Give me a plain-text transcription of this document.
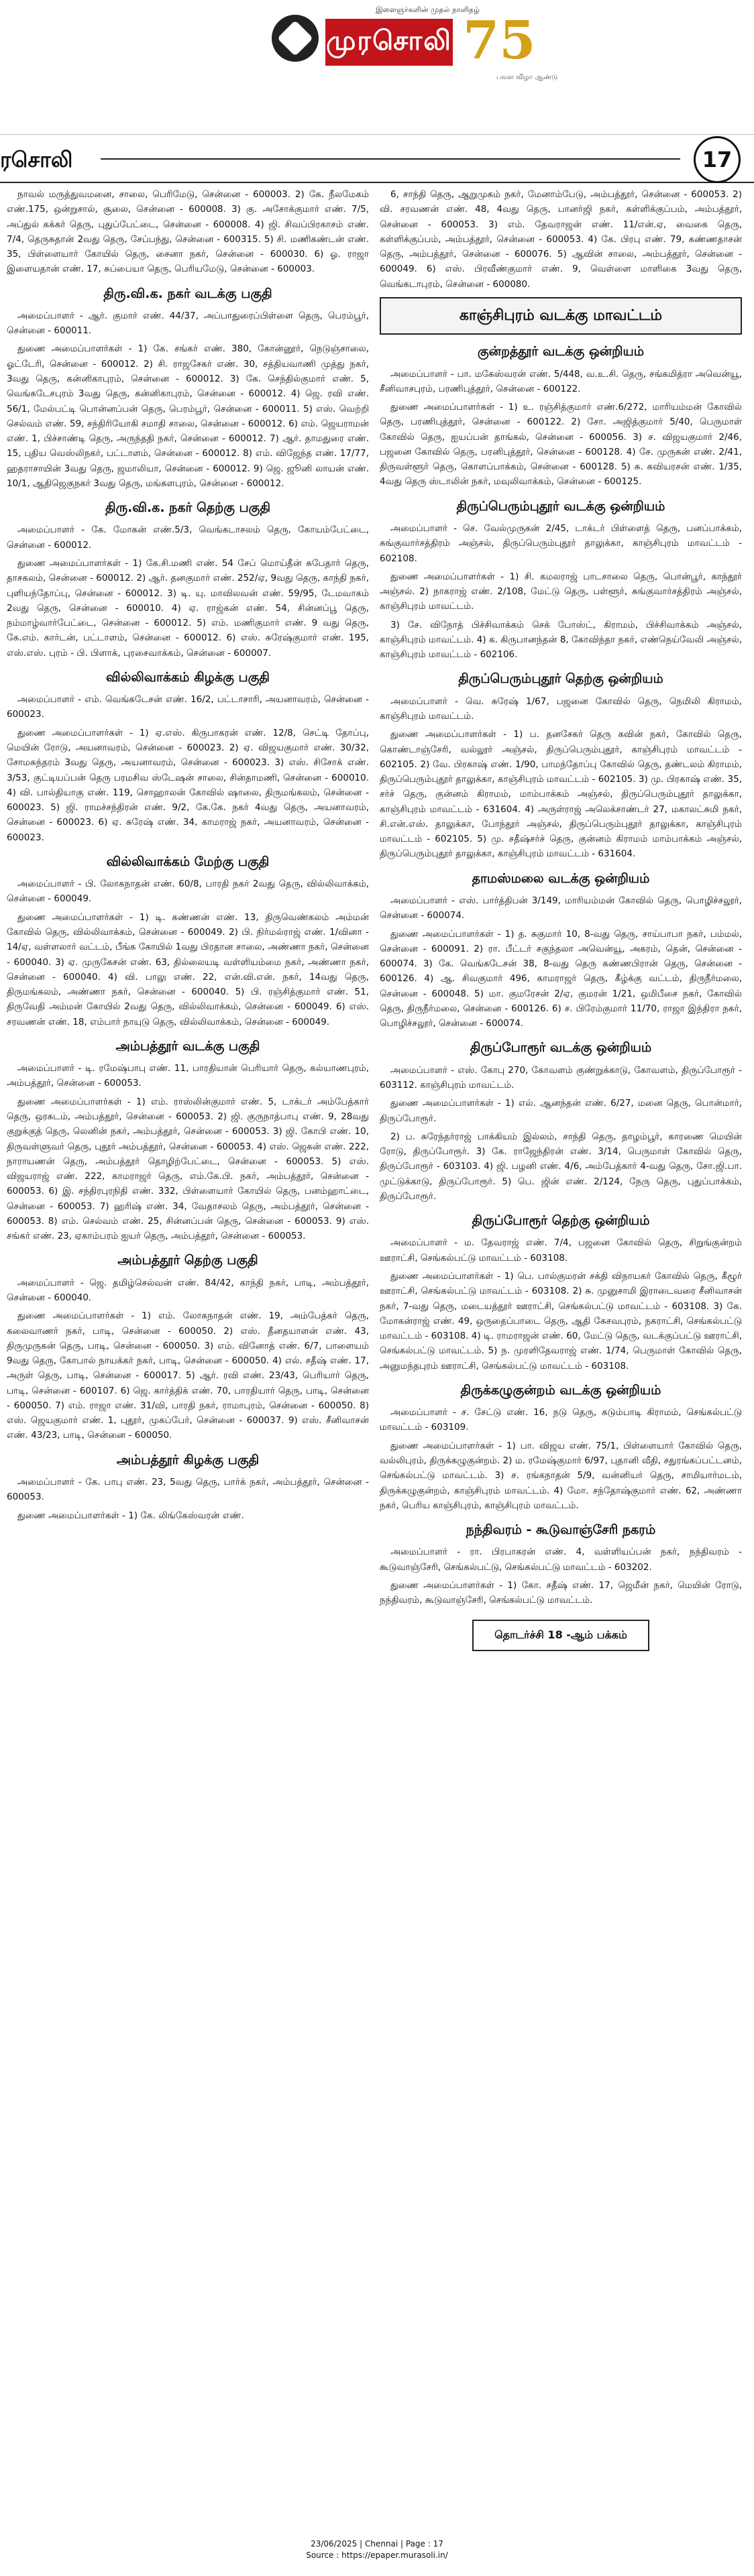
இளைஞர்களின் முதல் நாளிதழ்
முரசொலி 75
பவள விழா ஆண்டு
ரசொலி	17

நாவல் மருத்துவமனை, சாலை, பெரிமேடு, சென்னை - 600003. 2) கே. நீலமேகம் எண்.175, ஒன்றுசால், சூலை, சென்னை - 600008. 3) கு. அசோக்குமார் எண். 7/5, அப்துல் கக்கர் தெரு, புதுப்பேட்டை, சென்னை - 600008. 4) ஜி. சிவப்பிரகாசம் எண். 7/4, தெருசுதான் 2வது தெரு, சேப்பந்து, சென்னை - 600315. 5) சி. மணிகண்டன் எண். 35, பிள்ளையார் கோயில் தெரு, சைனா நகர், சென்னை - 600030. 6) ஓ. ராஜா இளையதான் எண். 17, சுப்பையா தெரு, பெரியமேடு, சென்னை - 600003.

திரு.வி.க. நகர் வடக்கு பகுதி

அமைப்பாளர் - ஆர். குமார் எண். 44/37, அப்பாதுரைப்பிள்ளை தெரு, பெரம்பூர், சென்னை - 600011.

துணை அமைப்பாளர்கள் - 1) கே. சங்கர் எண். 380, கோன்னூர், நெடுஞ்சாலை, ஓட்டேரி, சென்னை - 600012. 2) சி. ராஜசேகர் எண். 30, சத்தியவாணி முத்து நகர், 3வது தெரு, கன்னிகாபுரம், சென்னை - 600012. 3) கே. செந்தில்குமார் எண். 5, வெங்கடேசபுரம் 3வது தெரு, கன்னிகாபுரம், சென்னை - 600012. 4) ஜெ. ரவி எண். 56/1, மேல்பட்டி பொன்னப்பன் தெரு, பெரம்பூர், சென்னை - 600011. 5) எஸ். வெற்றி செல்வம் எண். 59, சந்திரியோகி சமாதி சாலை, சென்னை - 600012. 6) எம். ஜெயராமன் எண். 1, பிச்சாண்டி தெரு, அருந்ததி நகர், சென்னை - 600012. 7) ஆர். தாமதுரை எண். 15, புதிய வெஸ்லிநகர், பட்டாளம், சென்னை - 600012. 8) எம். விஜேந்த எண். 17/77, ஹதராசாயின் 3வது தெரு, ஜமாலியா, சென்னை - 600012. 9) ஜெ. ஜூனி லாயன் எண். 10/1, ஆதிஜெகுநகர் 3வது தெரு, மங்களபுரம், சென்னை - 600012.

திரு.வி.க. நகர் தெற்கு பகுதி

அமைப்பாளர் - கே. மோகன் எண்.5/3, வெங்கடாசலம் தெரு, கோயம்பேட்டை, சென்னை - 600012.

துணை அமைப்பாளர்கள் - 1) கே.சி.மணி எண். 54 சேப் மொய்தீன் சுபேதார் தெரு, தாசகலம், சென்னை - 600012. 2) ஆர். தனகுமார் எண். 252/ஏ, 9வது தெரு, காந்தி நகர், புளியந்தோப்பு, சென்னை - 600012. 3) டி. யு. மாவிலவன் எண். 59/95, டேமவாகம் 2வது தெரு, சென்னை - 600010. 4) ஏ. ராஜ்கன் எண். 54, சின்னப்பூ தெரு, நம்மாழ்வார்பேட்டை, சென்னை - 600012. 5) எம். மணிகுமார் எண். 9 வது தெரு, கே.எம். கார்டன், பட்டாளம், சென்னை - 600012. 6) எஸ். சுரேஷ்குமார் எண். 195, எஸ்.எஸ். புரம் - பி. பிளாக், புரசைவாக்கம், சென்னை - 600007.

வில்லிவாக்கம் கிழக்கு பகுதி

அமைப்பாளர் - எம். வெங்கடேசன் எண். 16/2, பட்டாசாரி, அயனாவரம், சென்னை - 600023.

துணை அமைப்பாளர்கள் - 1) ஏ.எஸ். கிருபாகரன் எண். 12/8, செட்டி தோப்பு, மெயின் ரோடு, அயனாவரம், சென்னை - 600023. 2) ஏ. விஜயகுமார் எண். 30/32, சோமசுந்தரம் 3வது தெரு, அயனாவரம், சென்னை - 600023. 3) எஸ். சிசோக் எண். 3/53, குட்டியப்பன் தெரு பரமசிவ ஸ்டேஷன் சாலை, சின்தாமணி, சென்னை - 600010. 4) வி. பால்தியாகு எண். 119, சொஹாலன் கோவில் ஷாலை, திருமங்கலம், சென்னை - 600023. 5) ஜி. ராமச்சந்திரன் எண். 9/2, கே.கே. நகர் 4வது தெரு, அயனாவரம், சென்னை - 600023. 6) ஏ. சுரேஷ் எண். 34, காமராஜ் நகர், அயனாவரம், சென்னை - 600023.

வில்லிவாக்கம் மேற்கு பகுதி

அமைப்பாளர் - பி. லோகநாதன் எண். 60/8, பாரதி நகர் 2வது தெரு, வில்லிவாக்கம், சென்னை - 600049.

துணை அமைப்பாளர்கள் - 1) டி. கண்ணன் எண். 13, திருவெண்கலம் அம்மன் கோவில் தெரு, வில்லிவாக்கம், சென்னை - 600049. 2) பி. நிர்மல்ராஜ் எண். 1/வினா - 14/ஏ, வள்ளலார் வட்டம், பீங்க கோயில் 1வது பிரதான சாலை, அண்ணா நகர், சென்னை - 600040. 3) ஏ. முருகேசன் எண். 63, தில்லையடி வள்ளியம்மை நகர், அண்ணா நகர், சென்னை - 600040. 4) வி. பாலு எண். 22, என்.வி.என். நகர், 14வது தெரு, திருமங்கலம், அண்ணா நகர், சென்னை - 600040. 5) பி. ரஞ்சித்குமார் எண். 51, திருவேதி அம்மன் கோயில் 2வது தெரு, வில்லிவாக்கம், சென்னை - 600049. 6) எஸ். சரவணன் எண். 18, எம்பார் நாயுடு தெரு, வில்லிவாக்கம், சென்னை - 600049.

அம்பத்தூர் வடக்கு பகுதி

அமைப்பாளர் - டி. ரமேஷ்பாபு எண். 11, பாரதியான் பெரியார் தெரு, கல்யாணபுரம், அம்பத்தூர், சென்னை - 600053.

துணை அமைப்பாளர்கள் - 1) எம். ராஸ்லின்குமார் எண். 5, டாக்டர் அம்பேத்கார் தெரு, ஒரகடம், அம்பத்தூர், சென்னை - 600053. 2) ஜி. குருநாத்பாபு எண். 9, 28வது குறுக்குத் தெரு, லெனின் நகர், அம்பத்தூர், சென்னை - 600053. 3) ஜி. கோபி எண். 10, திருவள்ளுவர் தெரு, புதூர் அம்பத்தூர், சென்னை - 600053. 4) எஸ். ஜெகன் எண். 222, நாராயணன் தெரு, அம்பத்தூர் தொழிற்பேட்டை, சென்னை - 600053. 5) எஸ். விஜயராஜ் எண். 222, காமராஜர் தெரு, எம்.கே.பி. நகர், அம்பத்தூர், சென்னை - 600053. 6) இ. சந்திரபுரநிதி எண். 332, பிள்ளையார் கோயில் தெரு, பனம்ஹாட்டை, சென்னை - 600053. 7) ஹரிஷ் எண். 34, வேதாசலம் தெரு, அம்பத்தூர், சென்னை - 600053. 8) எம். செல்வம் எண். 25, சின்னப்பன் தெரு, சென்னை - 600053. 9) எஸ். சங்கர் எண். 23, ஏகாம்பரம் ஐயர் தெரு, அம்பத்தூர், சென்னை - 600053.

அம்பத்தூர் தெற்கு பகுதி

அமைப்பாளர் - ஜெ. தமிழ்செல்வன் எண். 84/42, காந்தி நகர், பாடி, அம்பத்தூர், சென்னை - 600040.

துணை அமைப்பாளர்கள் - 1) எம். லோகநாதன் எண். 19, அம்பேத்கர் தெரு, கலைவாணர் நகர், பாடி, சென்னை - 600050. 2) எஸ். தீனதயாளன் எண். 43, திருமுருகன் தெரு, பாடி, சென்னை - 600050. 3) எம். வினோத் எண். 6/7, பாளையம் 9வது தெரு, கோபால் நாயக்கர் நகர், பாடி, சென்னை - 600050. 4) எல். சதீஷ் எண். 17, அருள் தெரு, பாடி, சென்னை - 600017. 5) ஆர். ரவி எண். 23/43, பெரியார் தெரு, பாடி, சென்னை - 600107. 6) ஜெ. கார்த்திக் எண். 70, பாரதியார் தெரு, பாடி, சென்னை - 600050. 7) எம். ராஜா எண். 31/வி, பாரதி நகர், ராமாபுரம், சென்னை - 600050. 8) எஸ். ஜெயகுமார் எண். 1, புதூர், முகப்பேர், சென்னை - 600037. 9) எஸ். சீனிவாசன் எண். 43/23, பாடி, சென்னை - 600050.

அம்பத்தூர் கிழக்கு பகுதி

அமைப்பாளர் - கே. பாபு எண். 23, 5வது தெரு, பார்க் நகர், அம்பத்தூர், சென்னை - 600053.

துணை அமைப்பாளர்கள் - 1) கே. லிங்கேஸ்வரன் எண்.

6, சாந்தி தெரு, ஆறுமுகம் நகர், மேனாம்பேடு, அம்பத்தூர், சென்னை - 600053. 2) வி. சரவணன் எண். 48, 4வது தெரு, பானர்ஜி நகர், கள்ளிக்குப்பம், அம்பத்தூர், சென்னை - 600053. 3) எம். தேவராஜன் எண். 11/என்.ஏ, வைகை தெரு, கள்ளிக்குப்பம், அம்பத்தூர், சென்னை - 600053. 4) கே. பிரபு எண். 79, கண்ணதாசன் தெரு, அம்பத்தூர், சென்னை - 600076. 5) ஆவின் சாலை, அம்பத்தூர், சென்னை - 600049. 6) எஸ். பிரவீண்குமார் எண். 9, வெள்ளை மாளிகை 3வது தெரு, வெங்கடாபுரம், சென்னை - 600080.

காஞ்சிபுரம் வடக்கு மாவட்டம்
குன்றத்தூர் வடக்கு ஒன்றியம்

அமைப்பாளர் - பா. மகேஸ்வரன் எண். 5/448, வ.உ.சி. தெரு, சங்கமித்ரா அவென்யூ, சீனிவாசபுரம், பரணிபுத்தூர், சென்னை - 600122.

துணை அமைப்பாளர்கள் - 1) உ. ரஞ்சித்குமார் எண்.6/272, மாரியம்மன் கோவில் தெரு, பரணிபுத்தூர், சென்னை - 600122. 2) சோ. அஜித்குமார் 5/40, பெருமாள் கோவில் தெரு, ஐயப்பன் தாங்கல், சென்னை - 600056. 3) ச. விஜயகுமார் 2/46, பஜனை கோவில் தெரு, பரனிபுத்தூர், சென்னை - 600128. 4) சே. முருகன் எண். 2/41, திருவள்ளூர் தெரு, கொளப்பாக்கம், சென்னை - 600128. 5) சு. கவியரசன் எண். 1/35, 4வது தெரு ஸ்டாலின் நகர், மவுலிவாக்கம், சென்னை - 600125.

திருப்பெரும்புதூர் வடக்கு ஒன்றியம்

அமைப்பாளர் - செ. வேல்முருகன் 2/45, டாக்டர் பிள்ளைத் தெரு, பனப்பாக்கம், சுங்குவார்சத்திரம் அஞ்சல், திருப்பெரும்புதூர் தாலுக்கா, காஞ்சிபுரம் மாவட்டம் - 602108.

துணை அமைப்பாளர்கள் - 1) சி. கமலராஜ் பாடசாலை தெரு, பொன்பூர், காந்தூர் அஞ்சல். 2) நாகராஜ் எண். 2/108, மேட்டு தெரு, பள்ளூர், சுங்குவார்சத்திரம் அஞ்சல், காஞ்சிபுரம் மாவட்டம்.

3) சே. விநோத் பிச்சிவாக்கம் செக் போஸ்ட், கிராமம், பிச்சிவாக்கம் அஞ்சல், காஞ்சிபுரம் மாவட்டம். 4) க. கிருபானந்தன் 8, கோவிந்தா நகர், எண்நெய்வேலி அஞ்சல், காஞ்சிபுரம் மாவட்டம் - 602106.

திருப்பெரும்புதூர் தெற்கு ஒன்றியம்

அமைப்பாளர் - வெ. சுரேஷ் 1/67, பஜனை கோவில் தெரு, நெமிலி கிராமம், காஞ்சிபுரம் மாவட்டம்.

துணை அமைப்பாளர்கள் - 1) ப. தனசேகர் தெரு கவின் நகர், கோவில் தெரு, கொண்டாஞ்சேரி, வல்லூர் அஞ்சல், திருப்பெரும்புதூர், காஞ்சிபுரம் மாவட்டம் - 602105. 2) வே. பிரகாஷ் எண். 1/90, பாமந்தோப்பு கோவில் தெரு, தண்டலம் கிராமம், திருப்பெரும்புதூர் தாலுக்கா, காஞ்சிபுரம் மாவட்டம் - 602105. 3) மு. பிரகாஷ் எண். 35, சர்ச் தெரு, குன்னம் கிராமம், மாம்பாக்கம் அஞ்சல், திருப்பெரும்புதூர் தாலுக்கா, காஞ்சிபுரம் மாவட்டம் - 631604. 4) அருள்ராஜ் அலெக்சாண்டர் 27, மகாலட்சுமி நகர், சி.என்.எஸ். தாலுக்கா, போந்தூர் அஞ்சல், திருப்பெரும்புதூர் தாலுக்கா, காஞ்சிபுரம் மாவட்டம் - 602105. 5) மு. சதீஷ்சர்ச் தெரு, குன்னம் கிராமம் மாம்பாக்கம் அஞ்சல், திருப்பெரும்புதூர் தாலுக்கா, காஞ்சிபுரம் மாவட்டம் - 631604.

தாமஸ்மலை வடக்கு ஒன்றியம்

அமைப்பாளர் - எஸ். பார்த்திபன் 3/149, மாரியம்மன் கோவில் தெரு, பொழிச்சலூர், சென்னை - 600074.

துணை அமைப்பாளர்கள் - 1) த. சுகுமார் 10, 8-வது தெரு, சாய்பாபா நகர், பம்மல், சென்னை - 600091. 2) ரா. பீட்டர் சகுந்தலா அவென்யூ, அகரம், தென், சென்னை - 600074. 3) கே. வெங்கடேசன் 38, 8-வது தெரு கண்ணபிரான் தெரு, சென்னை - 600126. 4) ஆ. சிவகுமார் 496, காமராஜர் தெரு, கீழ்க்கு வட்டம், திருநீர்மலை, சென்னை - 600048. 5) மா. குமரேசன் 2/ஏ, குமரன் 1/21, ஒமிபீசை நகர், கோவில் தெரு, திருநீர்மலை, சென்னை - 600126. 6) ச. பிரேம்குமார் 11/70, ராஜா இந்திரா நகர், பொழிச்சலூர், சென்னை - 600074.

திருப்போரூர் வடக்கு ஒன்றியம்

அமைப்பாளர் - எஸ். கோபு 270, கோவளம் குண்றுக்காடு, கோவளம், திருப்போரூர் - 603112. காஞ்சிபுரம் மாவட்டம்.

துணை அமைப்பாளர்கள் - 1) எல். ஆனந்தன் எண். 6/27, மனை தெரு, பொன்மார், திருப்போரூர்.

2) ப. சுரேந்தர்ராஜ் பாக்கியம் இல்லம், சாந்தி தெரு, தாழம்பூர், காரணை மெயின் ரோடு, திருப்போரூர். 3) கே. ராஜேந்திரன் எண். 3/14, பெருமாள் கோவில் தெரு, திருப்போரூர் - 603103. 4) ஜி. பழனி எண். 4/6, அம்பேத்கார் 4-வது தெரு, சோ.ஜி.பா. முட்டுக்காடு, திருப்போரூர். 5) பெ. ஜின் எண். 2/124, நேரு தெரு, புதுப்பாக்கம், திருப்போரூர்.

திருப்போரூர் தெற்கு ஒன்றியம்

அமைப்பாளர் - ம. தேவராஜ் எண். 7/4, பஜனை கோவில் தெரு, சிறுங்குன்றம் ஊராட்சி, செங்கல்பட்டு மாவட்டம் - 603108.

துணை அமைப்பாளர்கள் - 1) பெ. பால்குமரன் சக்தி விநாயகர் கோவில் தெரு, கீழூர் ஊராட்சி, செங்கல்பட்டு மாவட்டம் - 603108. 2) சு. முனுசாமி இராடைவரை சீனிவாசன் நகர், 7-வது தெரு, மடையத்தூர் ஊராட்சி, செங்கல்பட்டு மாவட்டம் - 603108. 3) கே. மோகன்ராஜ் எண். 49, ஒருதைப்பாடை தெரு, ஆதி கேசவபுரம், நகராட்சி, செங்கல்பட்டு மாவட்டம் - 603108. 4) டி. ராமராஜன் எண். 60, மேட்டு தெரு, வடக்குப்பட்டு ஊராட்சி, செங்கல்பட்டு மாவட்டம். 5) ந. முரளிதேவராஜ் எண். 1/74, பெருமாள் கோவில் தெரு, அனுமந்தபுரம் ஊராட்சி, செங்கல்பட்டு மாவட்டம் - 603108.

திருக்கழுகுன்றம் வடக்கு ஒன்றியம்

அமைப்பாளர் - ச. சேட்டு எண். 16, நடு தெரு, கடும்பாடி கிராமம், செங்கல்பட்டு மாவட்டம் - 603109.

துணை அமைப்பாளர்கள் - 1) பா. விஜய எண். 75/1, பிள்ளையார் கோவில் தெரு, வல்லிபுரம், திருக்கழுகுன்றம். 2) ம. ரமேஷ்குமார் 6/97, புதானி வீதி, சதுரங்கப்பட்டனம், செங்கல்பட்டு மாவட்டம். 3) ச. ரங்கநாதன் 5/9, வன்னியர் தெரு, சாமியார்மடம், திருக்கழுகுன்றம், காஞ்சிபுரம் மாவட்டம். 4) மோ. சந்தோஷ்குமார் எண். 62, அண்ணா நகர், பெரிய காஞ்சிபுரம், காஞ்சிபுரம் மாவட்டம்.

நந்திவரம் - கூடுவாஞ்சேரி நகரம்

அமைப்பாளர் - ரா. பிரபாகரன் எண். 4, வள்ளியப்பன் நகர், நந்திவரம் - கூடுவாஞ்சேரி, செங்கல்பட்டு, செங்கல்பட்டு மாவட்டம் - 603202.

துணை அமைப்பாளர்கள் - 1) கோ. சதீஷ் எண். 17, ஜெமீன் நகர், மெயின் ரோடு, நந்திவரம், கூடுவாஞ்சேரி, செங்கல்பட்டு மாவட்டம்.

தொடர்ச்சி 18 -ஆம் பக்கம்
23/06/2025 | Chennai | Page : 17
Source : https://epaper.murasoli.in/
